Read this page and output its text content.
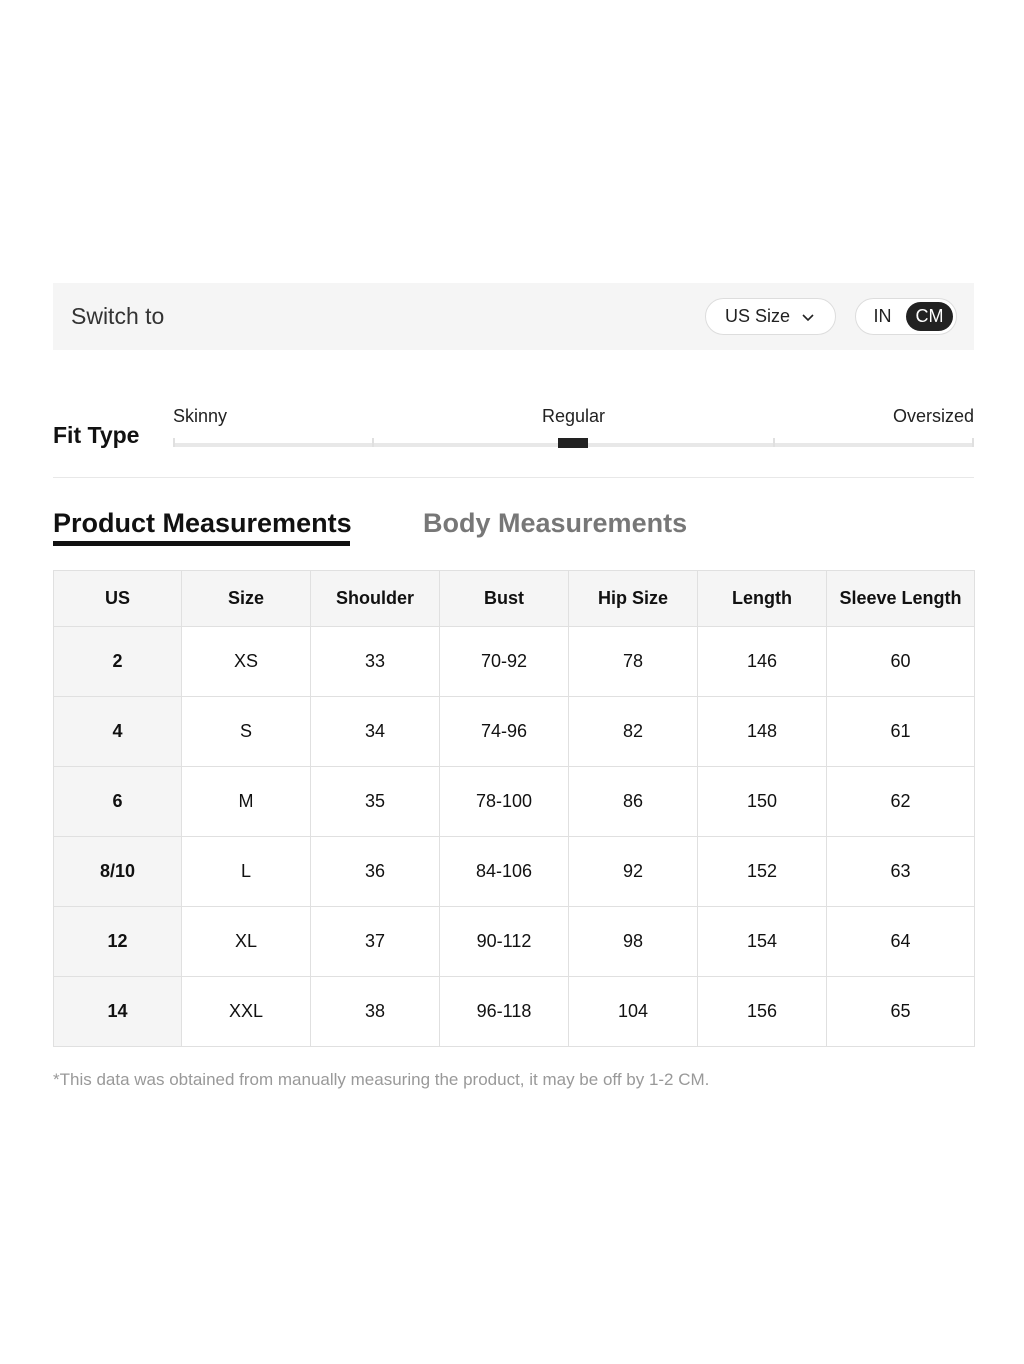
Switch to	US Size	IN	CM
Fit Type
Skinny	Regular	Oversized
Product Measurements	Body Measurements
US	Size	Shoulder	Bust	Hip Size	Length	Sleeve Length
2	XS	33	70-92	78	146	60
4	S	34	74-96	82	148	61
6	M	35	78-100	86	150	62
8/10	L	36	84-106	92	152	63
12	XL	37	90-112	98	154	64
14	XXL	38	96-118	104	156	65
*This data was obtained from manually measuring the product, it may be off by 1-2 CM.
